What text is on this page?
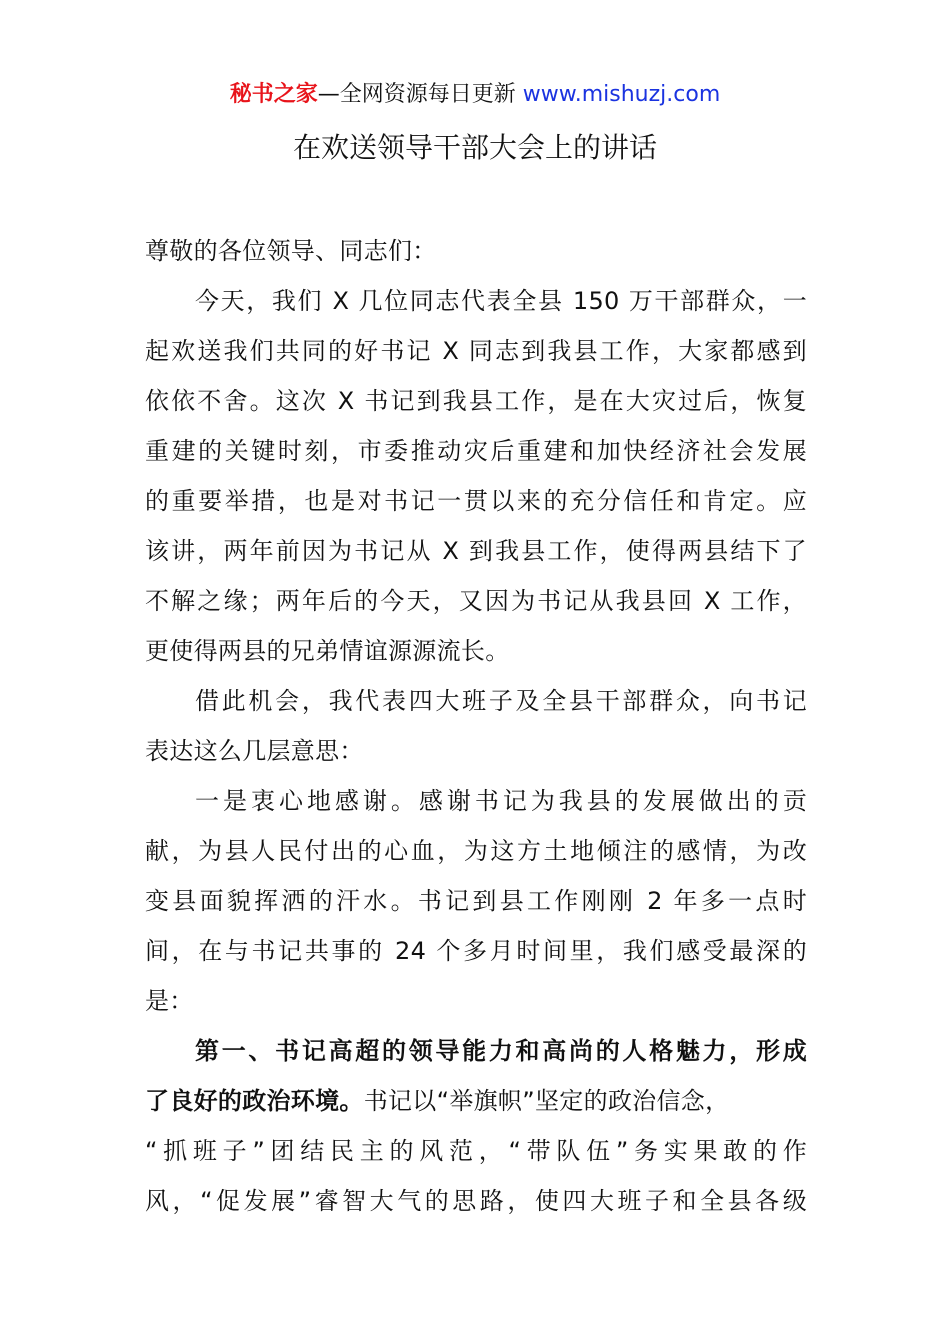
秘书之家—全网资源每日更新 www.mishuzj.com
在欢送领导干部大会上的讲话
尊敬的各位领导、同志们：
今天，我们 X 几位同志代表全县 150 万干部群众，一
起欢送我们共同的好书记 X 同志到我县工作，大家都感到
依依不舍。这次 X 书记到我县工作，是在大灾过后，恢复
重建的关键时刻，市委推动灾后重建和加快经济社会发展
的重要举措，也是对书记一贯以来的充分信任和肯定。应
该讲，两年前因为书记从 X 到我县工作，使得两县结下了
不解之缘；两年后的今天，又因为书记从我县回 X 工作，
更使得两县的兄弟情谊源源流长。
借此机会，我代表四大班子及全县干部群众，向书记
表达这么几层意思：
一是衷心地感谢。感谢书记为我县的发展做出的贡
献，为县人民付出的心血，为这方土地倾注的感情，为改
变县面貌挥洒的汗水。书记到县工作刚刚 2 年多一点时
间，在与书记共事的 24 个多月时间里，我们感受最深的
是：
第一、书记高超的领导能力和高尚的人格魅力，形成
了良好的政治环境。书记以“举旗帜”坚定的政治信念，
“抓班子”团结民主的风范，“带队伍”务实果敢的作
风，“促发展”睿智大气的思路，使四大班子和全县各级
